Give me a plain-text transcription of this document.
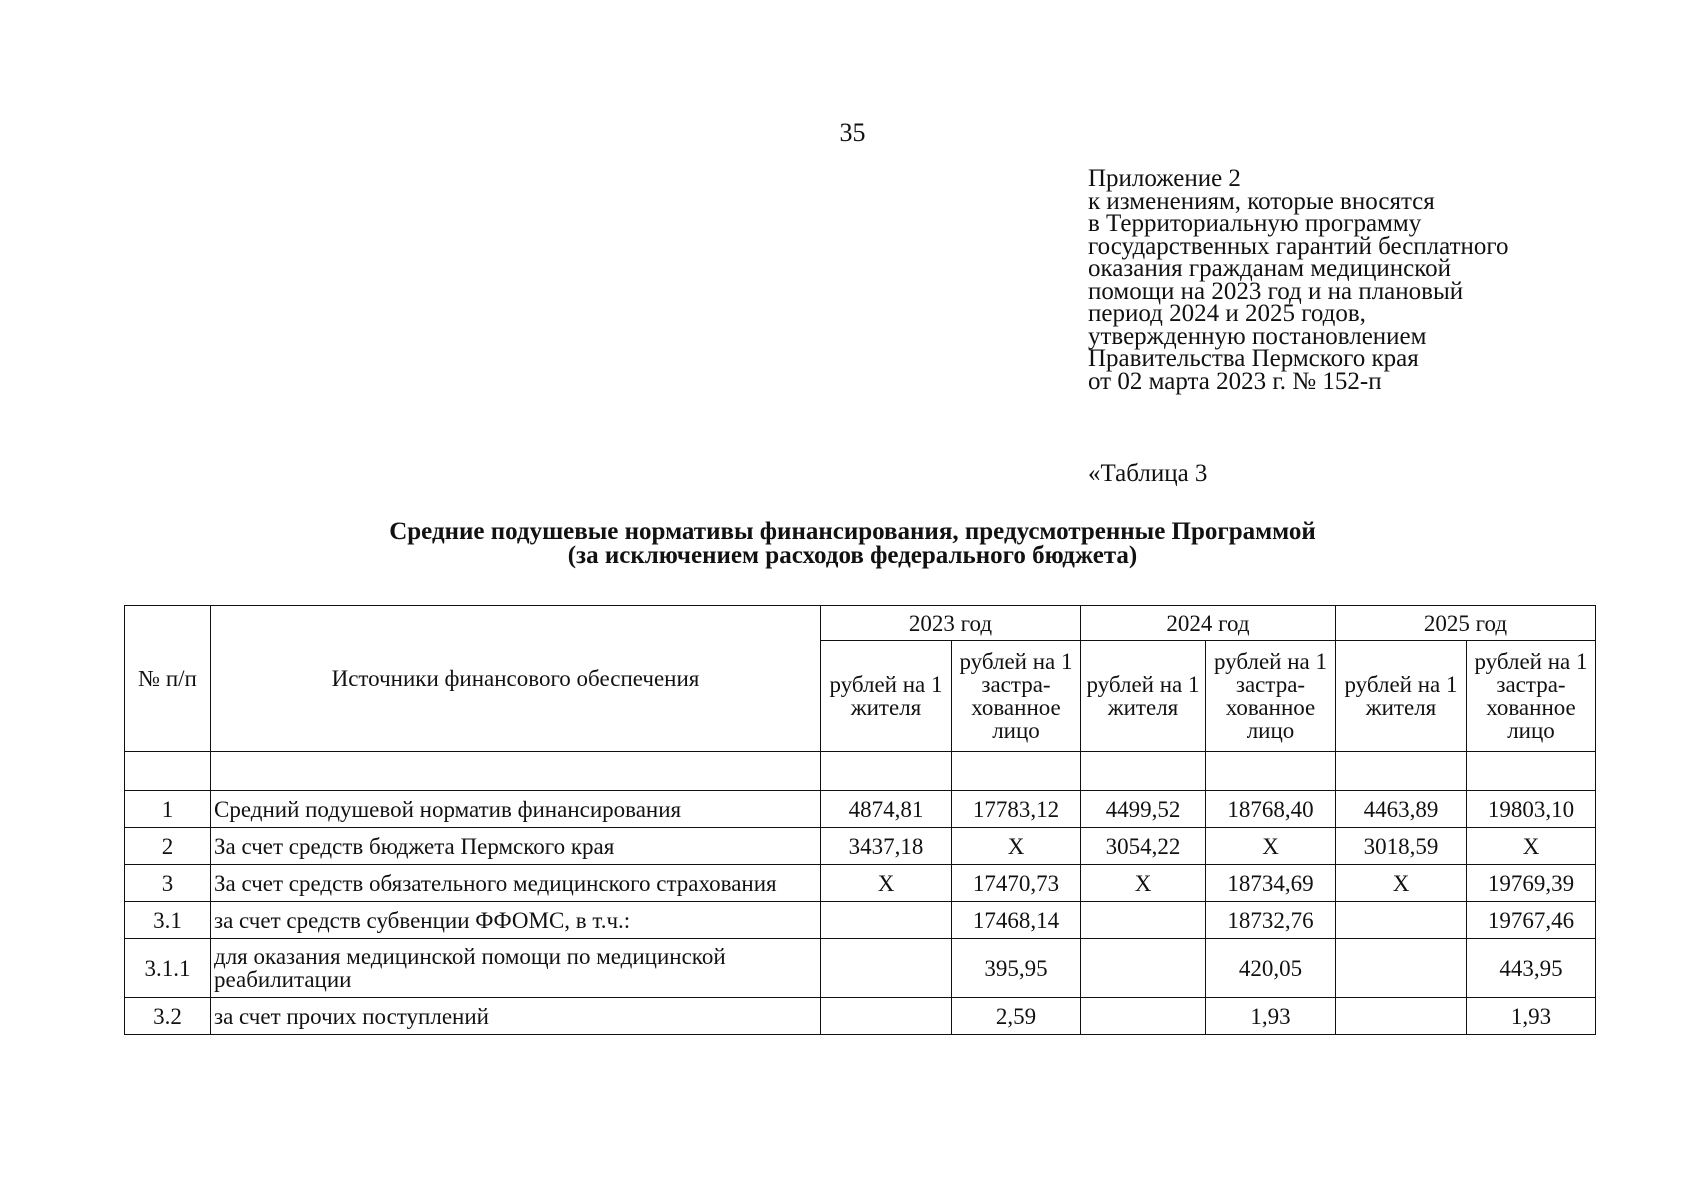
35
Приложение 2
к изменениям, которые вносятся
в Территориальную программу
государственных гарантий бесплатного
оказания гражданам медицинской
помощи на 2023 год и на плановый
период 2024 и 2025 годов,
утвержденную постановлением
Правительства Пермского края
от 02 марта 2023 г. № 152-п
«Таблица 3
Средние подушевые нормативы финансирования, предусмотренные Программой
(за исключением расходов федерального бюджета)
№ п/п	Источники финансового обеспечения	2023 год		2024 год		2025 год	
		рублей на 1 жителя	рублей на 1 застра-хованное лицо	рублей на 1 жителя	рублей на 1 застра-хованное лицо	рублей на 1 жителя	рублей на 1 застра-хованное лицо

1	Средний подушевой норматив финансирования	4874,81	17783,12	4499,52	18768,40	4463,89	19803,10
2	За счет средств бюджета Пермского края	3437,18	X	3054,22	X	3018,59	X
3	За счет средств обязательного медицинского страхования	X	17470,73	X	18734,69	X	19769,39
3.1	за счет средств субвенции ФФОМС, в т.ч.:		17468,14		18732,76		19767,46
3.1.1	для оказания медицинской помощи по медицинской реабилитации		395,95		420,05		443,95
3.2	за счет прочих поступлений		2,59		1,93		1,93
